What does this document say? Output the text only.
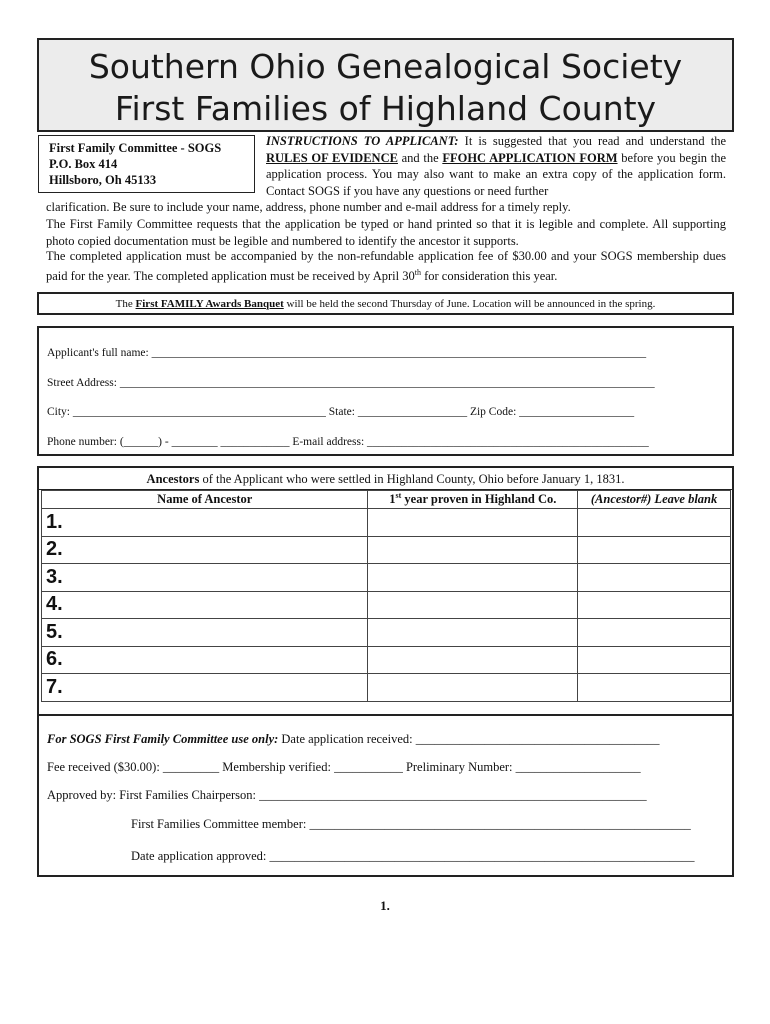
Southern Ohio Genealogical Society
First Families of Highland County
First Family Committee - SOGS
P.O. Box 414
Hillsboro, Oh 45133
INSTRUCTIONS TO APPLICANT: It is suggested that you read and understand the RULES OF EVIDENCE and the FFOHC APPLICATION FORM before you begin the application process. You may also want to make an extra copy of the application form. Contact SOGS if you have any questions or need further
clarification. Be sure to include your name, address, phone number and e-mail address for a timely reply.
The First Family Committee requests that the application be typed or hand printed so that it is legible and complete. All supporting photo copied documentation must be legible and numbered to identify the ancestor it supports.
The completed application must be accompanied by the non-refundable application fee of $30.00 and your SOGS membership dues paid for the year. The completed application must be received by April 30th for consideration this year.
The First FAMILY Awards Banquet will be held the second Thursday of June. Location will be announced in the spring.
Applicant's full name: ______________________________________________________________________________________
Street Address: _____________________________________________________________________________________________
City: ____________________________________________ State: ___________________ Zip Code: ____________________
Phone number: (______) - ________ ____________ E-mail address: _________________________________________________
Ancestors of the Applicant who were settled in Highland County, Ohio before January 1, 1831.
Name of Ancestor	1st year proven in Highland Co.	(Ancestor#) Leave blank
1.		
2.		
3.		
4.		
5.		
6.		
7.		
For SOGS First Family Committee use only: Date application received: _______________________________________
Fee received ($30.00): _________ Membership verified: ___________ Preliminary Number: ____________________
Approved by: First Families Chairperson: ______________________________________________________________
First Families Committee member: _____________________________________________________________
Date application approved: ____________________________________________________________________
1.
